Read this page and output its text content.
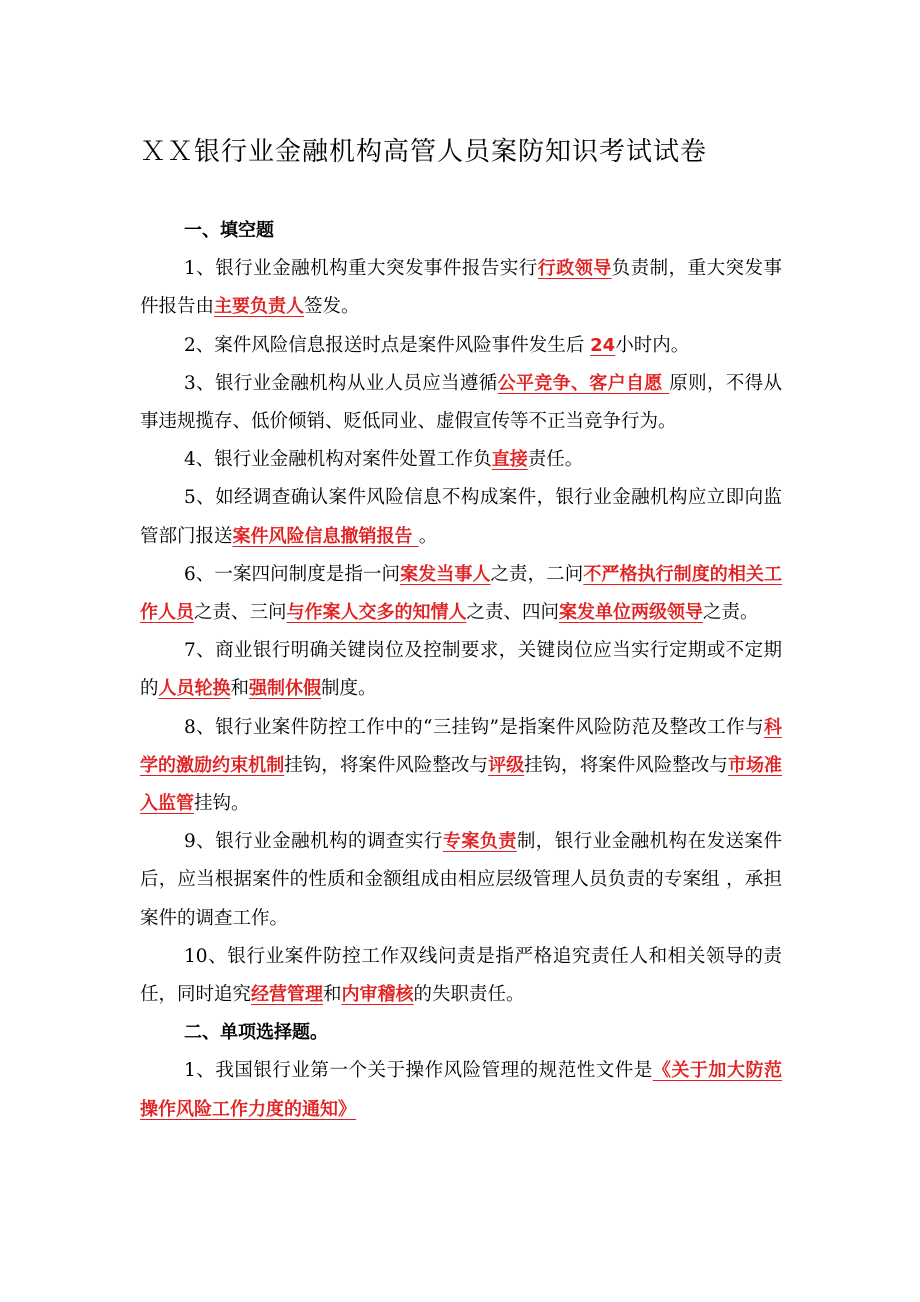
ＸＸ银行业金融机构高管人员案防知识考试试卷

一、填空题

1、银行业金融机构重大突发事件报告实行行政领导负责制，重大突发事件报告由主要负责人签发。

2、案件风险信息报送时点是案件风险事件发生后 24小时内。

3、银行业金融机构从业人员应当遵循公平竞争、客户自愿 原则，不得从事违规揽存、低价倾销、贬低同业、虚假宣传等不正当竞争行为。

4、银行业金融机构对案件处置工作负直接责任。

5、如经调查确认案件风险信息不构成案件，银行业金融机构应立即向监管部门报送案件风险信息撤销报告 。

6、一案四问制度是指一问案发当事人之责，二问不严格执行制度的相关工作人员之责、三问与作案人交多的知情人之责、四问案发单位两级领导之责。

7、商业银行明确关键岗位及控制要求，关键岗位应当实行定期或不定期的人员轮换和强制休假制度。

8、银行业案件防控工作中的“三挂钩”是指案件风险防范及整改工作与科学的激励约束机制挂钩，将案件风险整改与评级挂钩，将案件风险整改与市场准入监管挂钩。

9、银行业金融机构的调查实行专案负责制，银行业金融机构在发送案件后，应当根据案件的性质和金额组成由相应层级管理人员负责的专案组 ，承担案件的调查工作。

10、银行业案件防控工作双线问责是指严格追究责任人和相关领导的责任，同时追究经营管理和内审稽核的失职责任。

二、单项选择题。

1、我国银行业第一个关于操作风险管理的规范性文件是《关于加大防范操作风险工作力度的通知》
